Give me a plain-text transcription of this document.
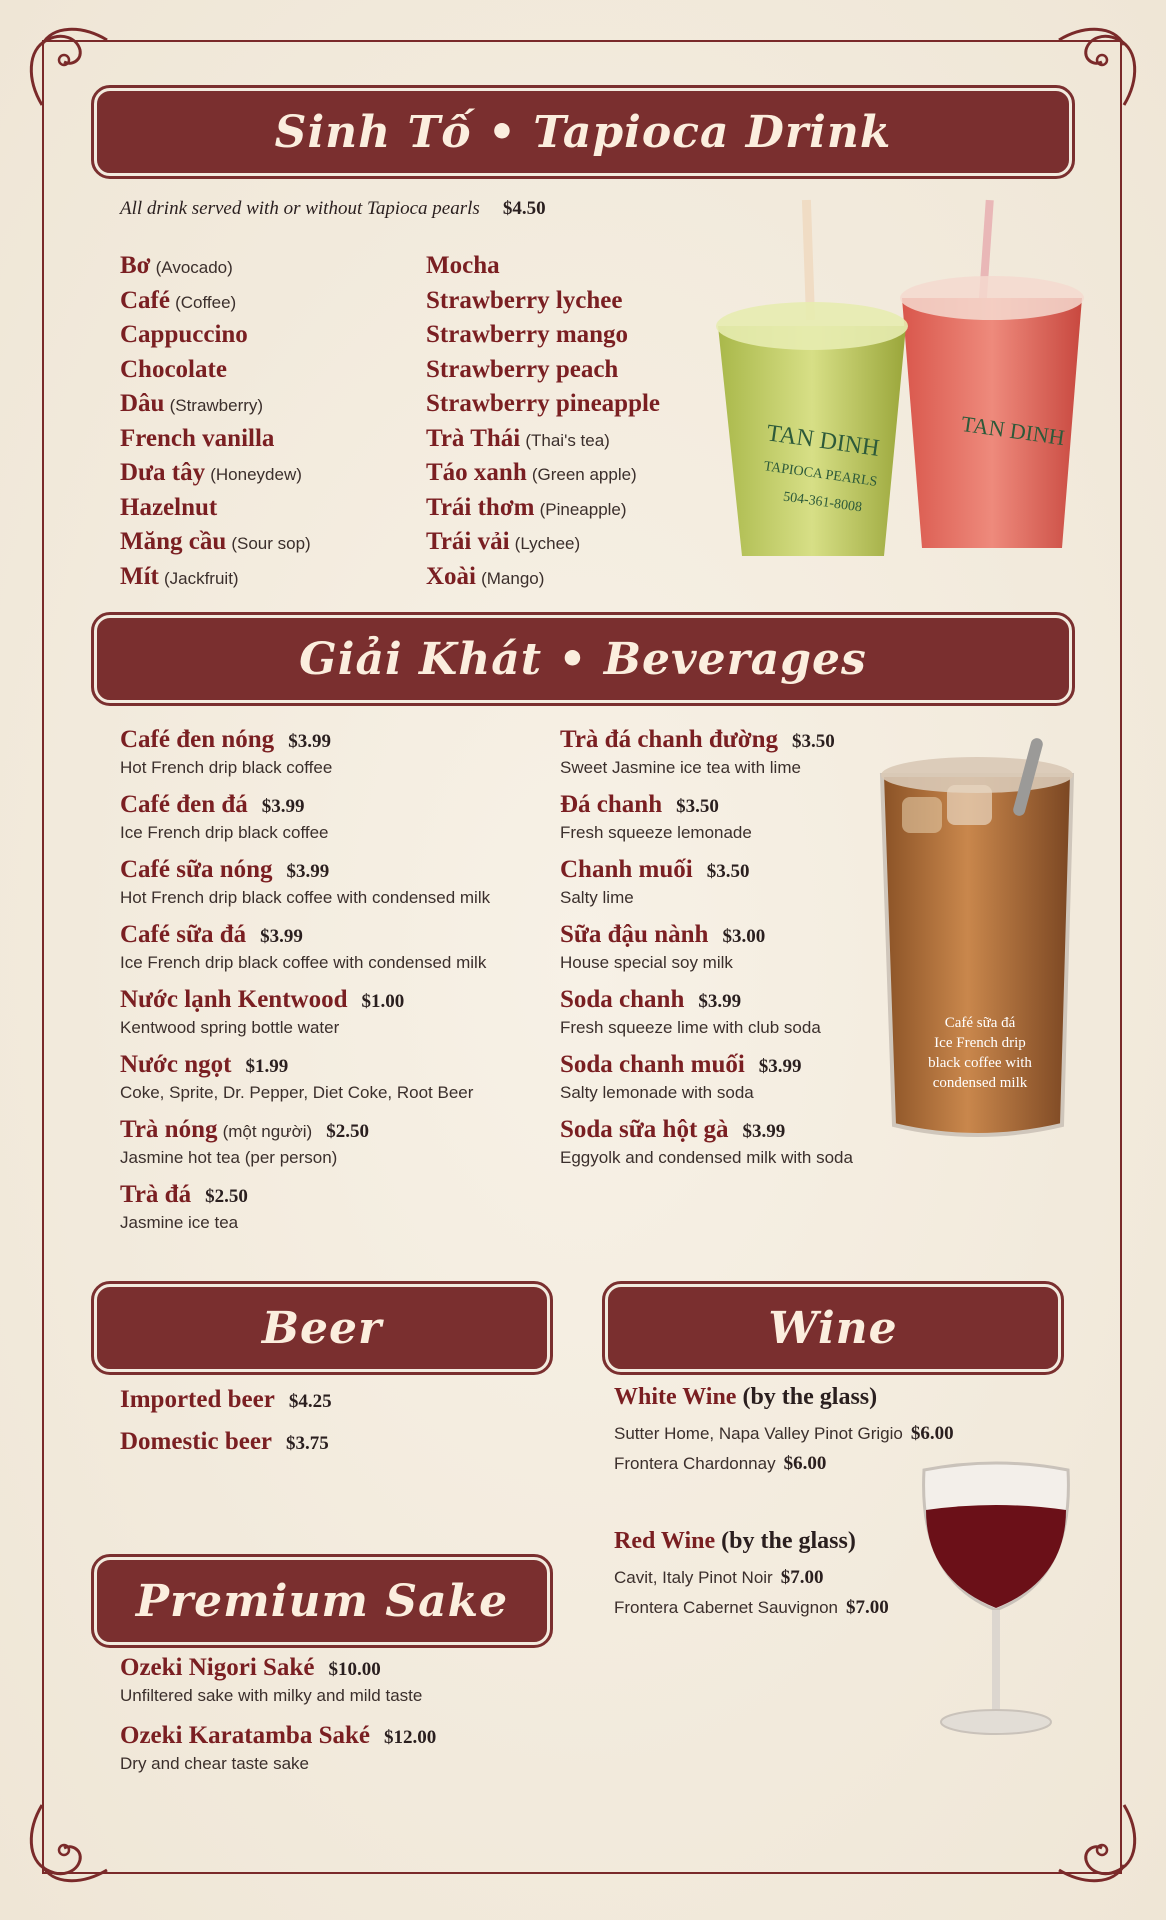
Sinh Tố • Tapioca Drink
All drink served with or without Tapioca pearls $4.50
Bơ (Avocado)
Café (Coffee)
Cappuccino
Chocolate
Dâu (Strawberry)
French vanilla
Dưa tây (Honeydew)
Hazelnut
Măng cầu (Sour sop)
Mít (Jackfruit)
Mocha
Strawberry lychee
Strawberry mango
Strawberry peach
Strawberry pineapple
Trà Thái (Thai's tea)
Táo xanh (Green apple)
Trái thơm (Pineapple)
Trái vải (Lychee)
Xoài (Mango)
TAN DINH
TAN DINH
TAPIOCA PEARLS
504-361-8008
Giải Khát • Beverages
Café đen nóng $3.99
Hot French drip black coffee
Café đen đá $3.99
Ice French drip black coffee
Café sữa nóng $3.99
Hot French drip black coffee with condensed milk
Café sữa đá $3.99
Ice French drip black coffee with condensed milk
Nước lạnh Kentwood $1.00
Kentwood spring bottle water
Nước ngọt $1.99
Coke, Sprite, Dr. Pepper, Diet Coke, Root Beer
Trà nóng (một người) $2.50
Jasmine hot tea (per person)
Trà đá $2.50
Jasmine ice tea
Trà đá chanh đường $3.50
Sweet Jasmine ice tea with lime
Đá chanh $3.50
Fresh squeeze lemonade
Chanh muối $3.50
Salty lime
Sữa đậu nành $3.00
House special soy milk
Soda chanh $3.99
Fresh squeeze lime with club soda
Soda chanh muối $3.99
Salty lemonade with soda
Soda sữa hột gà $3.99
Eggyolk and condensed milk with soda
Café sữa đá
Ice French drip
black coffee with
condensed milk
Beer
Imported beer $4.25
Domestic beer $3.75
Wine
White Wine (by the glass)
Sutter Home, Napa Valley Pinot Grigio $6.00
Frontera Chardonnay $6.00
Red Wine (by the glass)
Cavit, Italy Pinot Noir $7.00
Frontera Cabernet Sauvignon $7.00
Premium Sake
Ozeki Nigori Saké $10.00
Unfiltered sake with milky and mild taste
Ozeki Karatamba Saké $12.00
Dry and chear taste sake
